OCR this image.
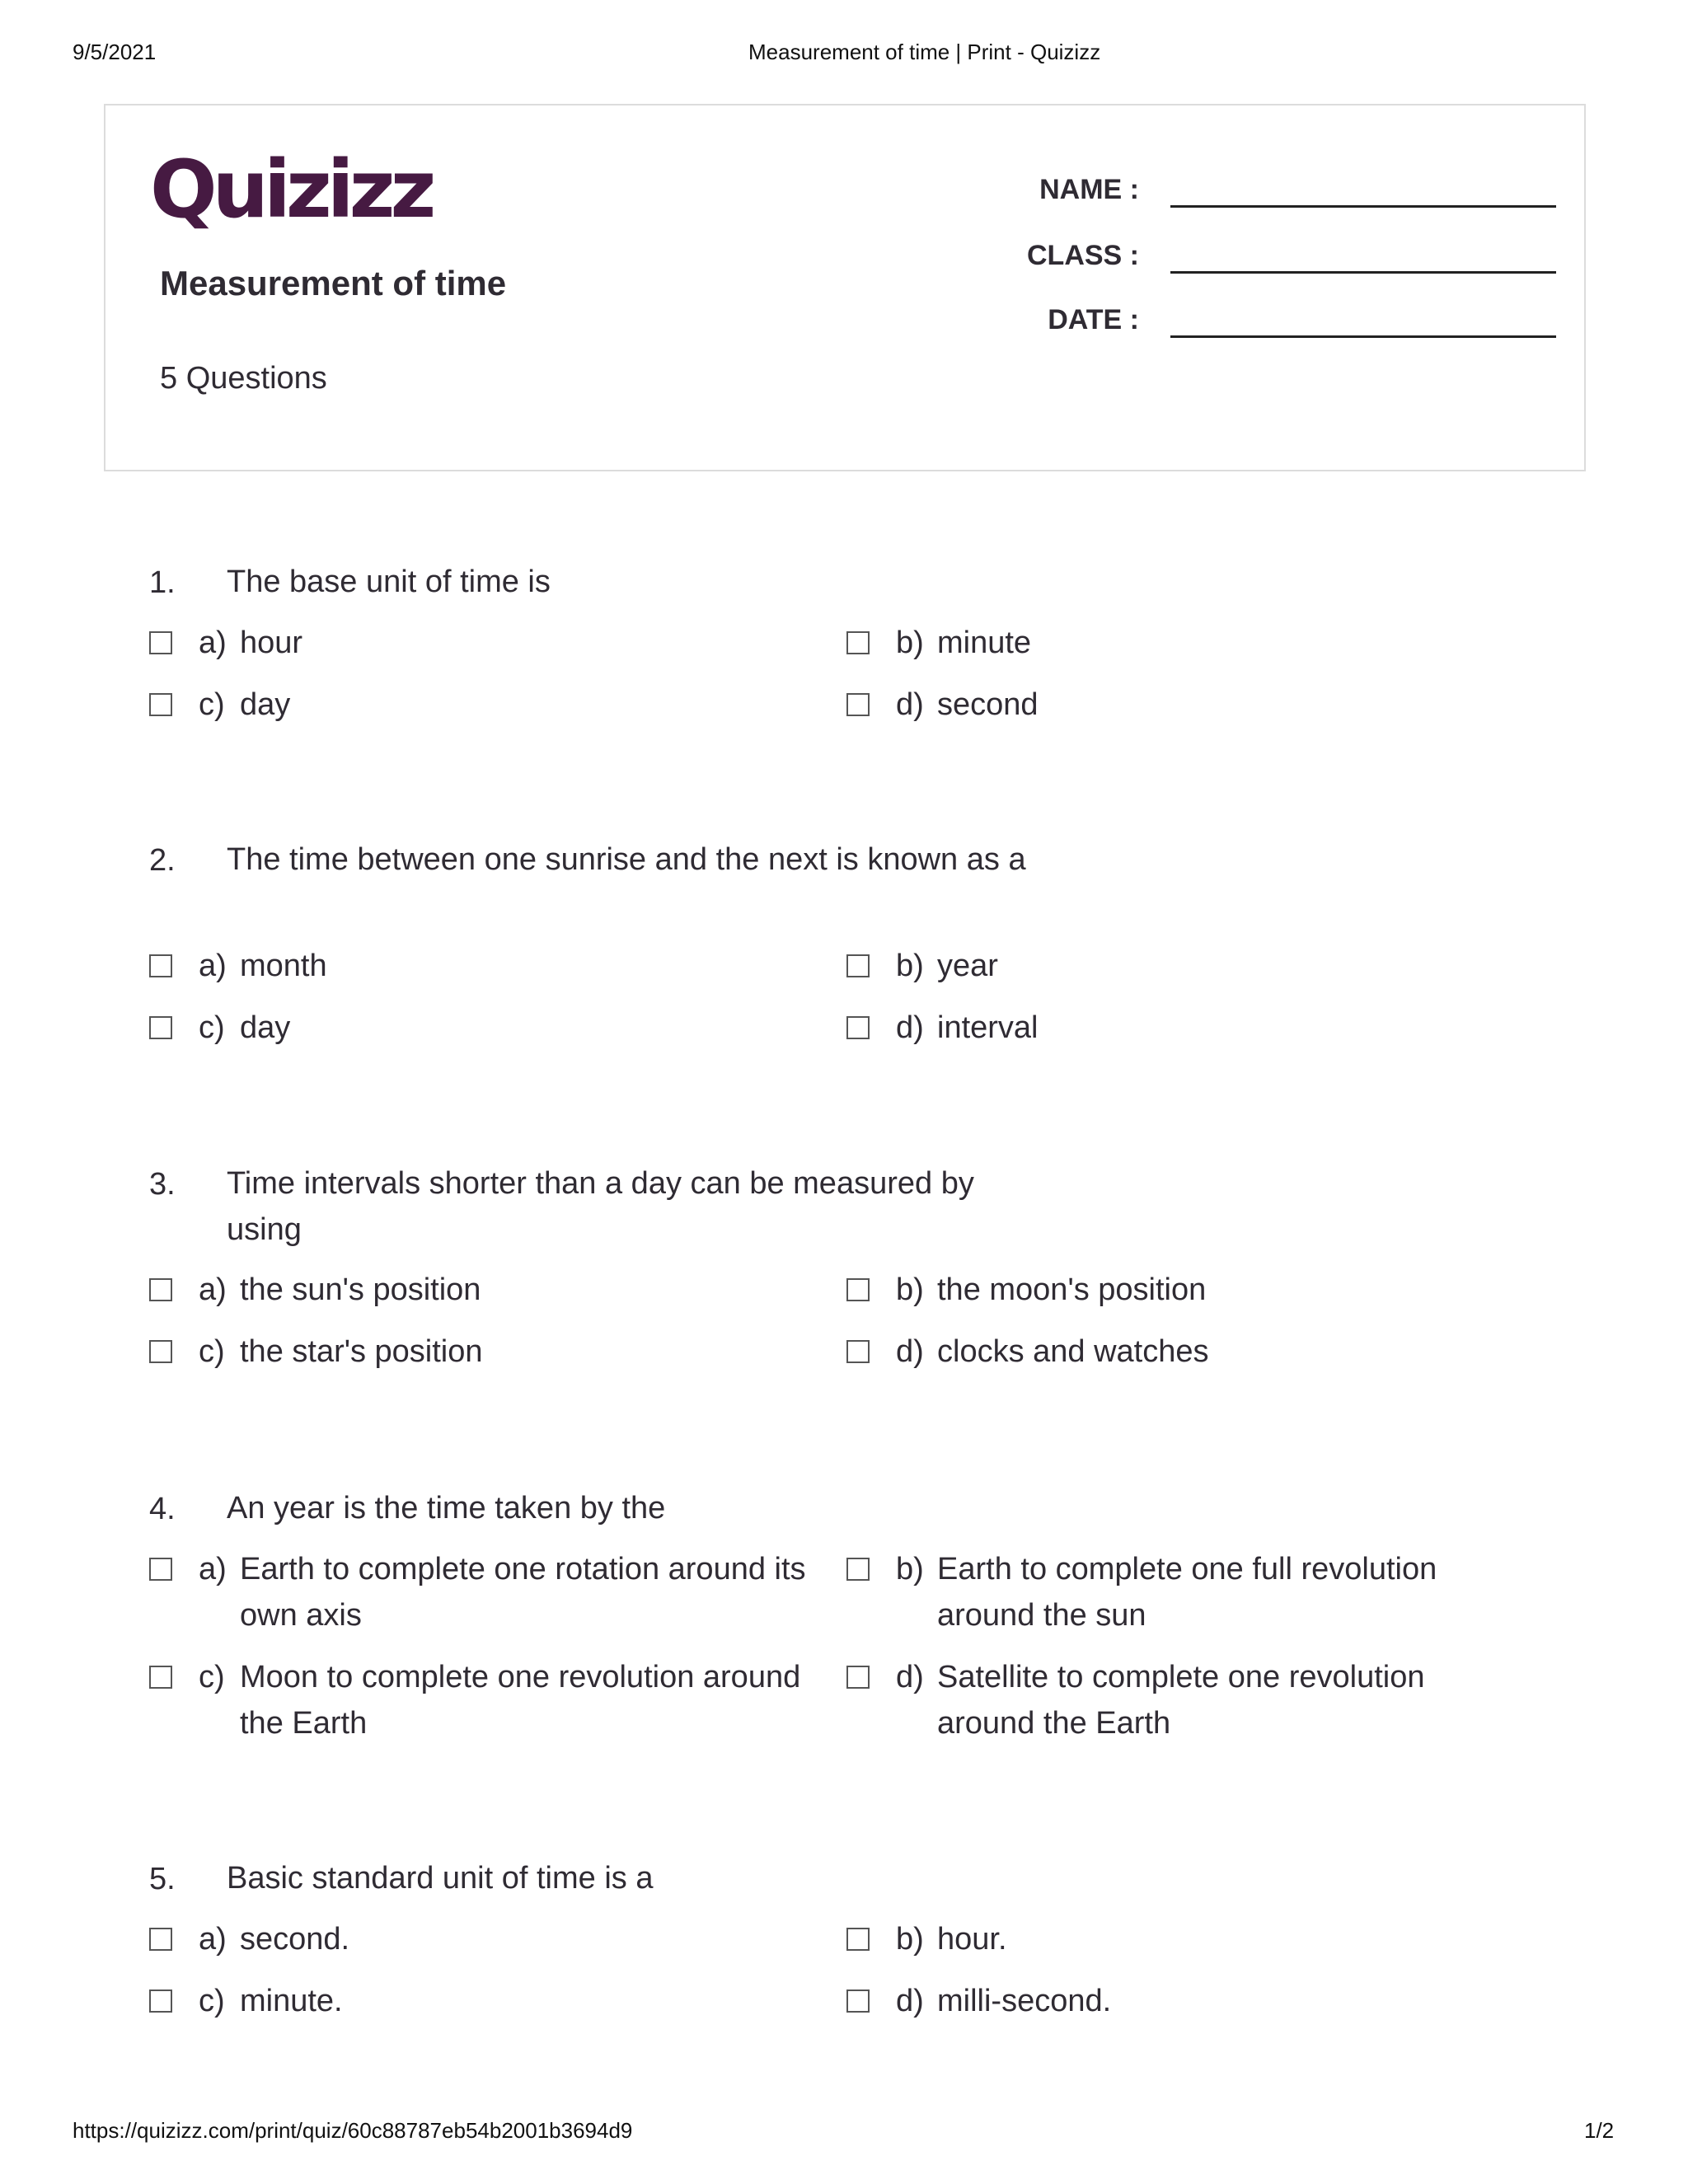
9/5/2021	Measurement of time | Print - Quizizz
Quizizz
Measurement of time
5 Questions
NAME :
CLASS :
DATE :
1. The base unit of time is
a) hour	b) minute
c) day	d) second
2. The time between one sunrise and the next is known as a
a) month	b) year
c) day	d) interval
3. Time intervals shorter than a day can be measured by using
a) the sun's position	b) the moon's position
c) the star's position	d) clocks and watches
4. An year is the time taken by the
a) Earth to complete one rotation around its own axis
b) Earth to complete one full revolution around the sun
c) Moon to complete one revolution around the Earth
d) Satellite to complete one revolution around the Earth
5. Basic standard unit of time is a
a) second.	b) hour.
c) minute.	d) milli-second.
https://quizizz.com/print/quiz/60c88787eb54b2001b3694d9	1/2
